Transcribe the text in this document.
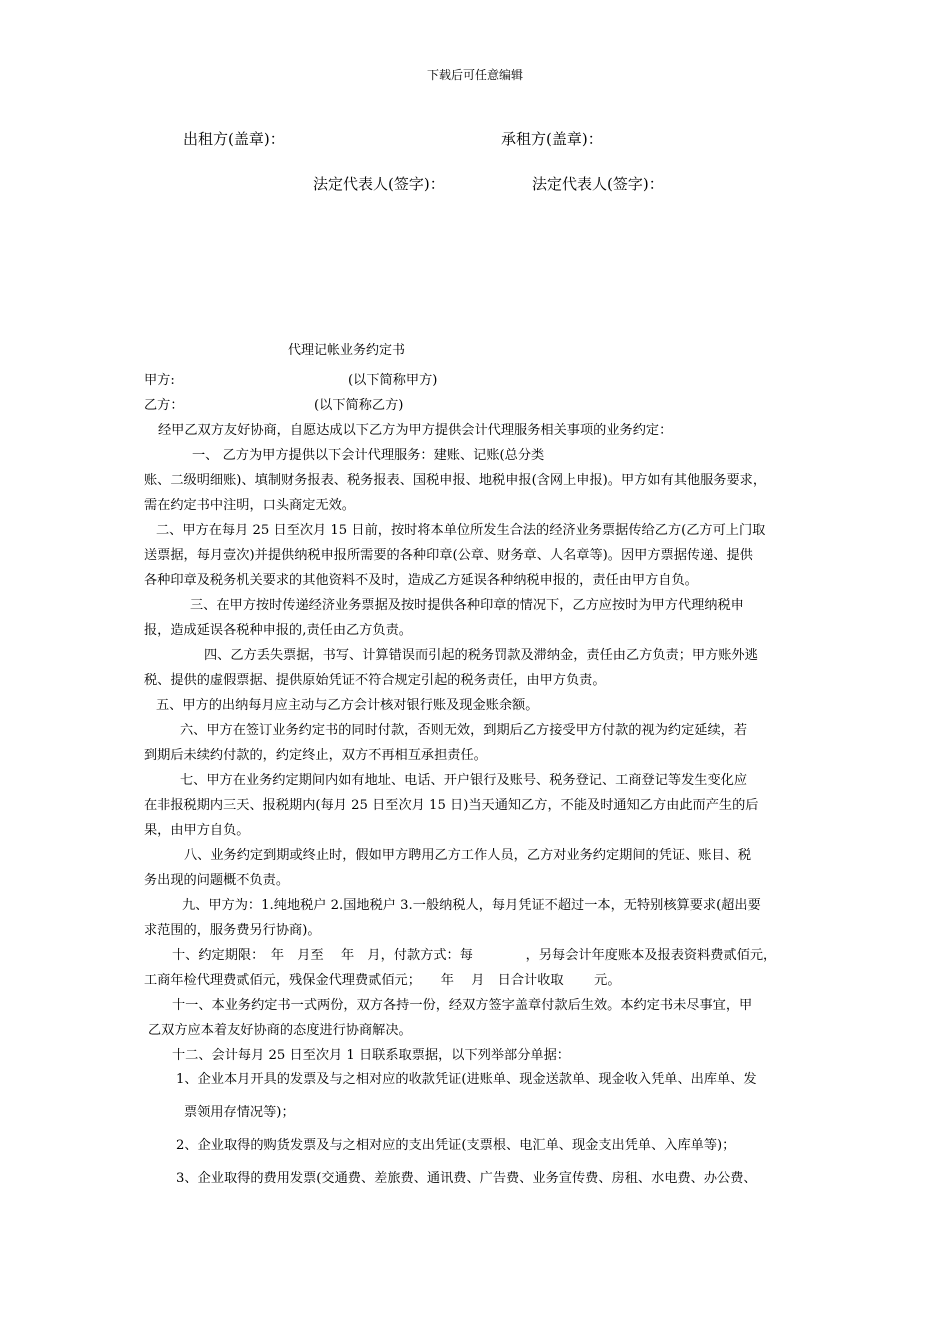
下载后可任意编辑
出租方(盖章)：	承租方(盖章)：
法定代表人(签字)：	法定代表人(签字)：
代理记帐业务约定书
甲方:	(以下简称甲方)
乙方：	(以下简称乙方)
经甲乙双方友好协商，自愿达成以下乙方为甲方提供会计代理服务相关事项的业务约定：
一、 乙方为甲方提供以下会计代理服务：建账、记账(总分类
账、二级明细账)、填制财务报表、税务报表、国税申报、地税申报(含网上申报)。甲方如有其他服务要求，
需在约定书中注明，口头商定无效。
二、甲方在每月 25 日至次月 15 日前，按时将本单位所发生合法的经济业务票据传给乙方(乙方可上门取
送票据，每月壹次)并提供纳税申报所需要的各种印章(公章、财务章、人名章等)。因甲方票据传递、提供
各种印章及税务机关要求的其他资料不及时，造成乙方延误各种纳税申报的，责任由甲方自负。
三、在甲方按时传递经济业务票据及按时提供各种印章的情况下，乙方应按时为甲方代理纳税申
报，造成延误各税种申报的,责任由乙方负责。
四、乙方丢失票据，书写、计算错误而引起的税务罚款及滞纳金，责任由乙方负责；甲方账外逃
税、提供的虚假票据、提供原始凭证不符合规定引起的税务责任，由甲方负责。
五、甲方的出纳每月应主动与乙方会计核对银行账及现金账余额。
六、甲方在签订业务约定书的同时付款，否则无效，到期后乙方接受甲方付款的视为约定延续，若
到期后未续约付款的，约定终止，双方不再相互承担责任。
七、甲方在业务约定期间内如有地址、电话、开户银行及账号、税务登记、工商登记等发生变化应
在非报税期内三天、报税期内(每月 25 日至次月 15 日)当天通知乙方，不能及时通知乙方由此而产生的后
果，由甲方自负。
八、业务约定到期或终止时，假如甲方聘用乙方工作人员，乙方对业务约定期间的凭证、账目、税
务出现的问题概不负责。
九、甲方为：1.纯地税户 2.国地税户 3.一般纳税人，每月凭证不超过一本，无特别核算要求(超出要
求范围的，服务费另行协商)。
十、约定期限：　年　月至　 年　月，付款方式：每　　　　，另每会计年度账本及报表资料费贰佰元，
工商年检代理费贰佰元，残保金代理费贰佰元；　　年　 月　日合计收取　　 元。
十一、本业务约定书一式两份，双方各持一份，经双方签字盖章付款后生效。本约定书未尽事宜，甲
乙双方应本着友好协商的态度进行协商解决。
十二、会计每月 25 日至次月 1 日联系取票据，以下列举部分单据：
1、企业本月开具的发票及与之相对应的收款凭证(进账单、现金送款单、现金收入凭单、出库单、发
票领用存情况等)；
2、企业取得的购货发票及与之相对应的支出凭证(支票根、电汇单、现金支出凭单、入库单等)；
3、企业取得的费用发票(交通费、差旅费、通讯费、广告费、业务宣传费、房租、水电费、办公费、
